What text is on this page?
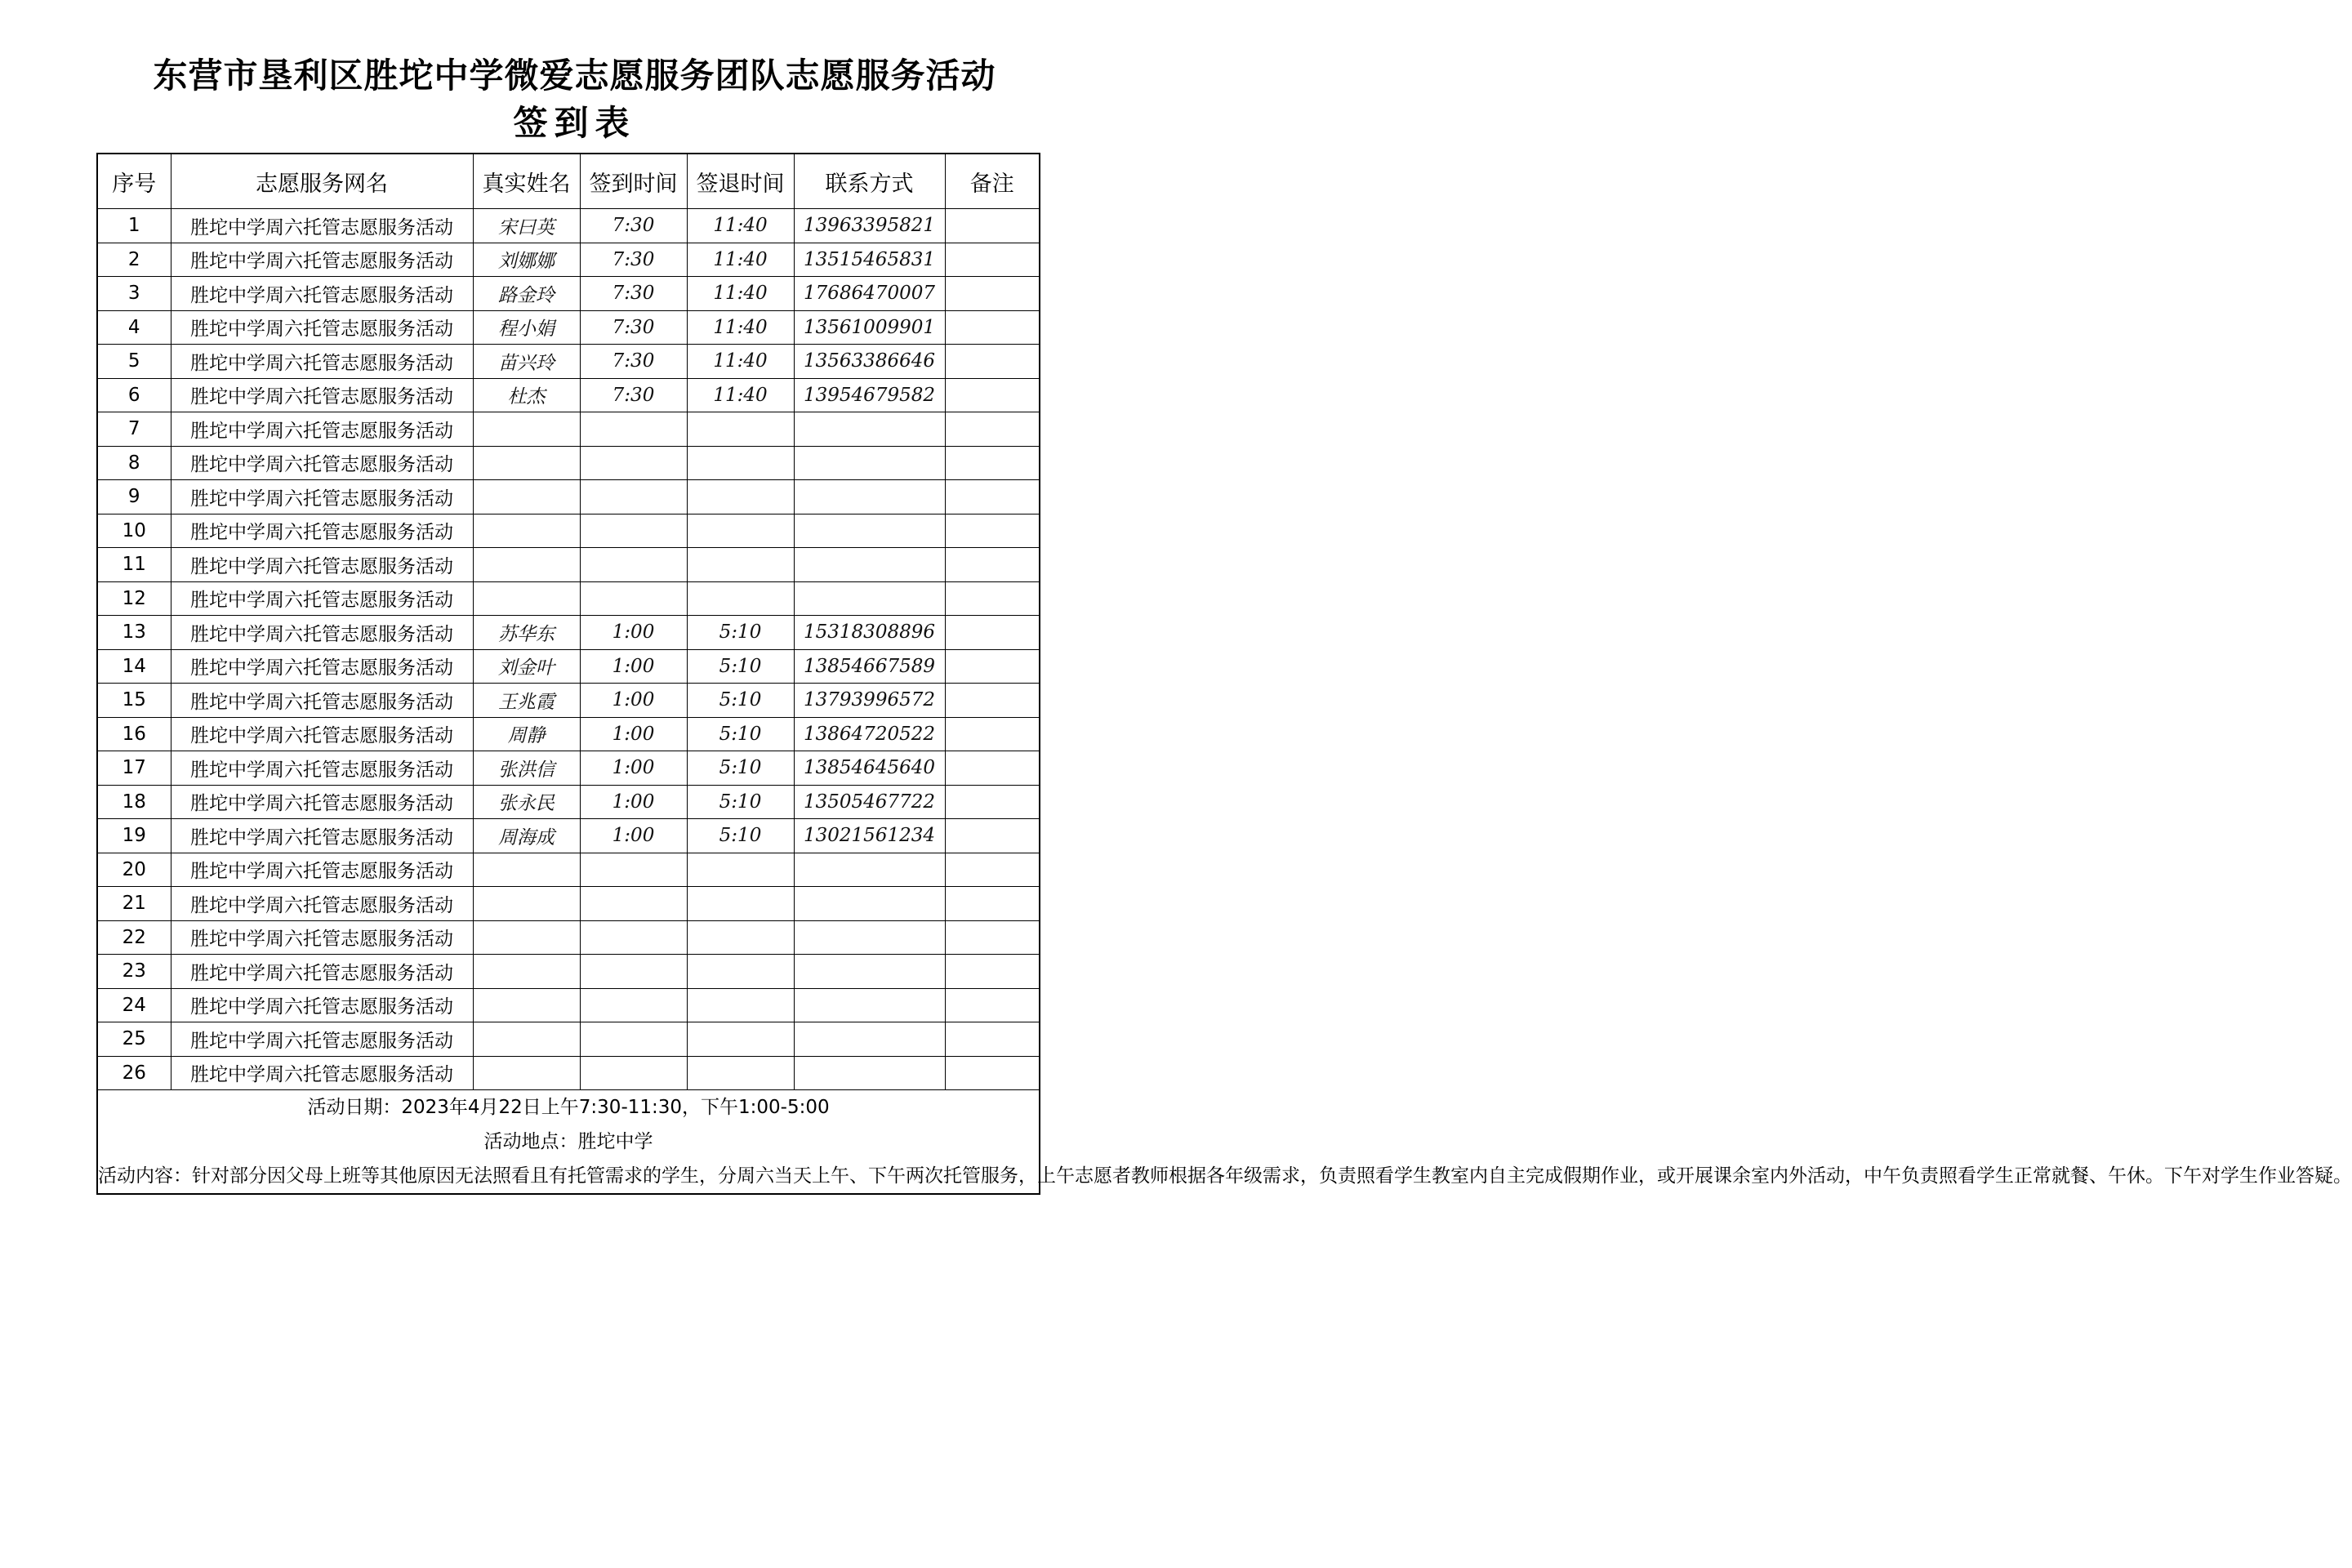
东营市垦利区胜坨中学微爱志愿服务团队志愿服务活动
签到表
序号	志愿服务网名	真实姓名	签到时间	签退时间	联系方式	备注
1	胜坨中学周六托管志愿服务活动	宋曰英	7:30	11:40	13963395821	
2	胜坨中学周六托管志愿服务活动	刘娜娜	7:30	11:40	13515465831	
3	胜坨中学周六托管志愿服务活动	路金玲	7:30	11:40	17686470007	
4	胜坨中学周六托管志愿服务活动	程小娟	7:30	11:40	13561009901	
5	胜坨中学周六托管志愿服务活动	苗兴玲	7:30	11:40	13563386646	
6	胜坨中学周六托管志愿服务活动	杜杰	7:30	11:40	13954679582	
7	胜坨中学周六托管志愿服务活动					
8	胜坨中学周六托管志愿服务活动					
9	胜坨中学周六托管志愿服务活动					
10	胜坨中学周六托管志愿服务活动					
11	胜坨中学周六托管志愿服务活动					
12	胜坨中学周六托管志愿服务活动					
13	胜坨中学周六托管志愿服务活动	苏华东	1:00	5:10	15318308896	
14	胜坨中学周六托管志愿服务活动	刘金叶	1:00	5:10	13854667589	
15	胜坨中学周六托管志愿服务活动	王兆霞	1:00	5:10	13793996572	
16	胜坨中学周六托管志愿服务活动	周静	1:00	5:10	13864720522	
17	胜坨中学周六托管志愿服务活动	张洪信	1:00	5:10	13854645640	
18	胜坨中学周六托管志愿服务活动	张永民	1:00	5:10	13505467722	
19	胜坨中学周六托管志愿服务活动	周海成	1:00	5:10	13021561234	
20	胜坨中学周六托管志愿服务活动					
21	胜坨中学周六托管志愿服务活动					
22	胜坨中学周六托管志愿服务活动					
23	胜坨中学周六托管志愿服务活动					
24	胜坨中学周六托管志愿服务活动					
25	胜坨中学周六托管志愿服务活动					
26	胜坨中学周六托管志愿服务活动					

活动日期：2023年4月22日上午7:30-11:30，下午1:00-5:00
活动地点：胜坨中学
活动内容：针对部分因父母上班等其他原因无法照看且有托管需求的学生，分周六当天上午、下午两次托管服务，上午志愿者教师根据各年级需求，负责照看学生教室内自主完成假期作业，或开展课余室内外活动，中午负责照看学生正常就餐、午休。下午对学生作业答疑。						
